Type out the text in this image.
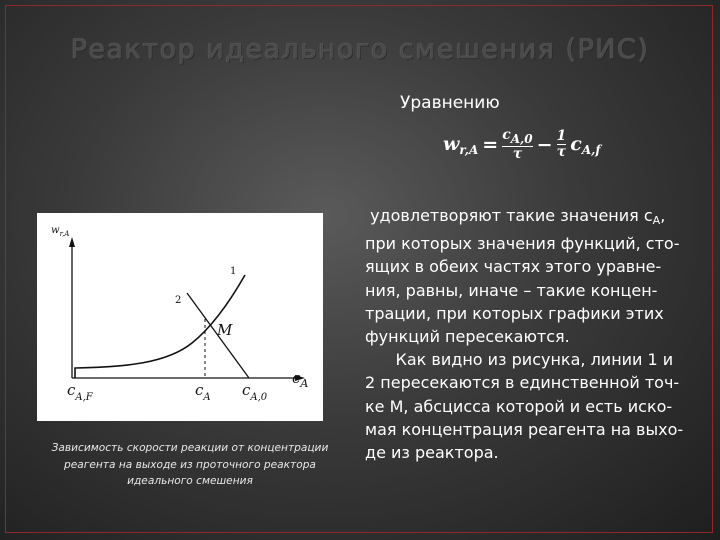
Реактор идеального смешения (РИС)
Уравнению
$w_{r,A} = \frac{cA,0}{\tau} - \frac{1}{\tau} c_{A,f}$

удовлетворяют такие значения $c_A$,

при которых значения функций, сто-

ящих в обеих частях этого уравне-

ния, равны, иначе – такие концен-

трации, при которых графики этих

функций пересекаются.

Как видно из рисунка, линии 1 и

2 пересекаются в единственной точ-

ке M, абсцисса которой и есть иско-

мая концентрация реагента на выхо-

де из реактора.

$w_{r,A}$
1
2
M
$c_A$
$c_{A,F}$	$c_A$ $c_{A,0}$

Зависимость скорости реакции от концентрации

реагента на выходе из проточного реактора

идеального смешения
